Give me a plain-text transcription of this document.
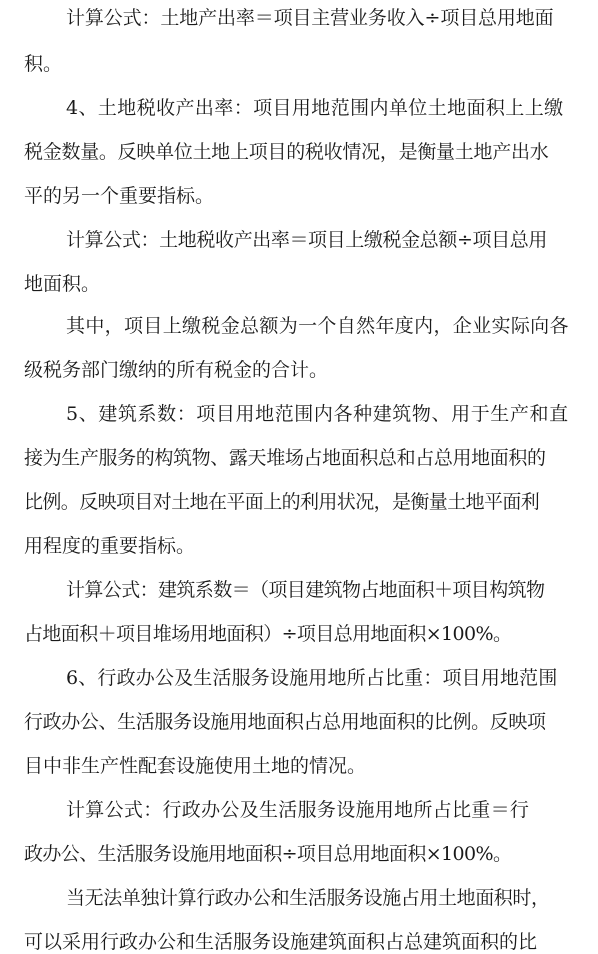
计算公式：土地产出率＝项目主营业务收入÷项目总用地面
积。
4、土地税收产出率：项目用地范围内单位土地面积上上缴
税金数量。反映单位土地上项目的税收情况，是衡量土地产出水
平的另一个重要指标。
计算公式：土地税收产出率＝项目上缴税金总额÷项目总用
地面积。
其中，项目上缴税金总额为一个自然年度内，企业实际向各
级税务部门缴纳的所有税金的合计。
5、建筑系数：项目用地范围内各种建筑物、用于生产和直
接为生产服务的构筑物、露天堆场占地面积总和占总用地面积的
比例。反映项目对土地在平面上的利用状况，是衡量土地平面利
用程度的重要指标。
计算公式：建筑系数＝（项目建筑物占地面积＋项目构筑物
占地面积＋项目堆场用地面积）÷项目总用地面积×100%。
6、行政办公及生活服务设施用地所占比重：项目用地范围
行政办公、生活服务设施用地面积占总用地面积的比例。反映项
目中非生产性配套设施使用土地的情况。
计算公式：行政办公及生活服务设施用地所占比重＝行
政办公、生活服务设施用地面积÷项目总用地面积×100%。
当无法单独计算行政办公和生活服务设施占用土地面积时，
可以采用行政办公和生活服务设施建筑面积占总建筑面积的比
